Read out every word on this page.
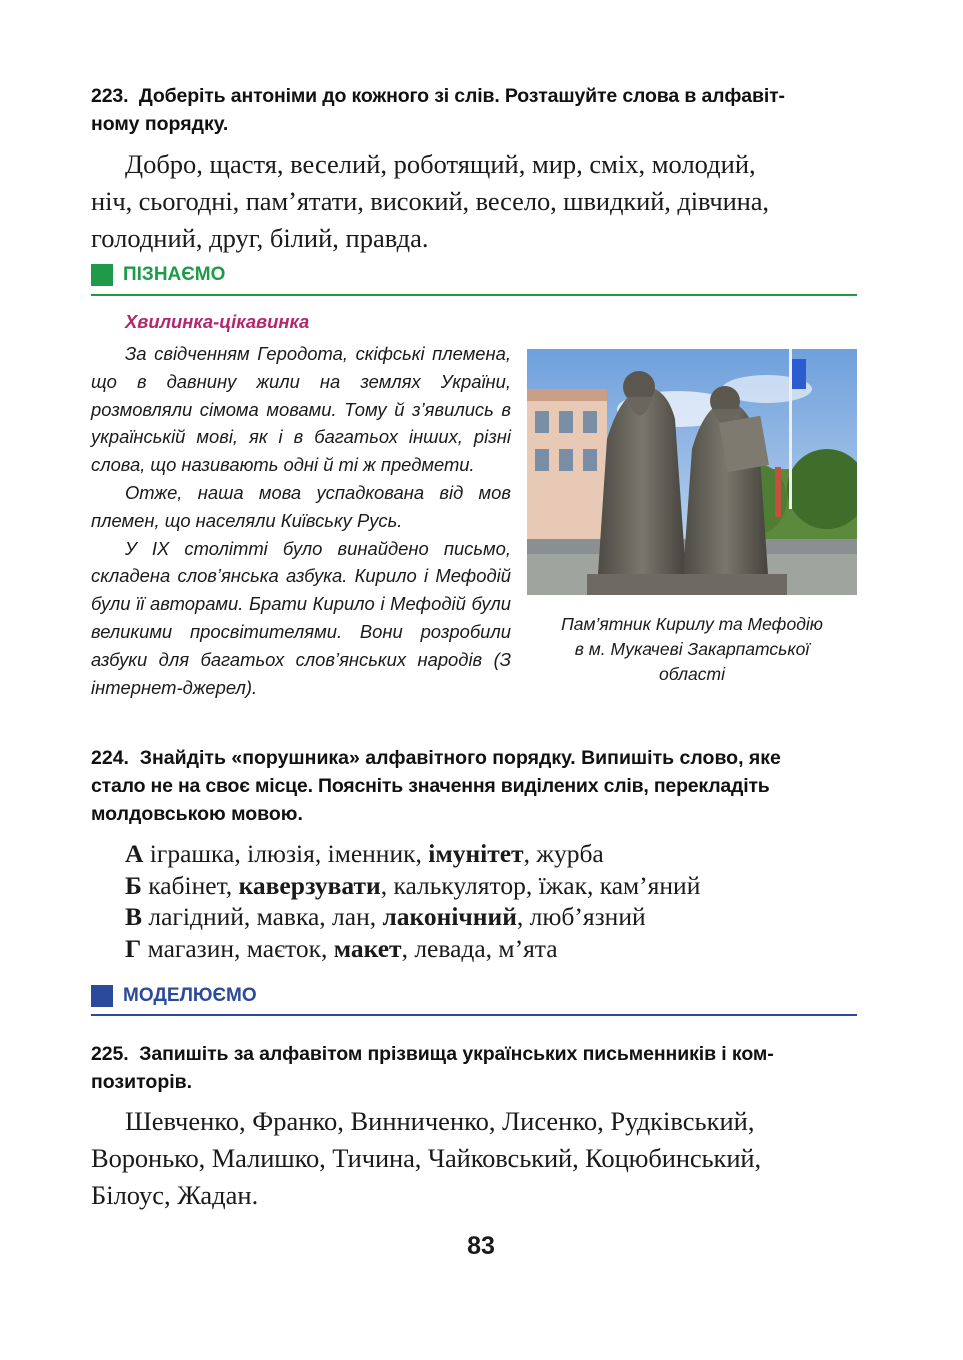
223. Доберіть антоніми до кожного зі слів. Розташуйте слова в алфавіт-
ному порядку.
Добро, щастя, веселий, роботящий, мир, сміх, молодий,
ніч, сьогодні, пам’ятати, високий, весело, швидкий, дівчина,
голодний, друг, білий, правда.
ПІЗНАЄМО
Хвилинка-цікавинка

За свідченням Геродота, скіфські племена, що в давнину жили на землях України, розмовляли сімома мовами. Тому й з’явились в українській мові, як і в багатьох інших, різні слова, що називають одні й ті ж предмети.

Отже, наша мова успадкована від мов племен, що населяли Київську Русь.

У IX столітті було винайдено письмо, складена слов’янська азбука. Кирило і Мефодій були її авторами. Брати Кирило і Мефодій були великими просвітителями. Вони розробили азбуки для багатьох слов’янських народів (З інтернет-джерел).

Пам’ятник Кирилу та Мефодію
в м. Мукачеві Закарпатської
області
224. Знайдіть «порушника» алфавітного порядку. Випишіть слово, яке
стало не на своє місце. Поясніть значення виділених слів, перекладіть
молдовською мовою.
А іграшка, ілюзія, іменник, імунітет, журба
Б кабінет, каверзувати, калькулятор, їжак, кам’яний
В лагідний, мавка, лан, лаконічний, люб’язний
Г магазин, маєток, макет, левада, м’ята
МОДЕЛЮЄМО
225. Запишіть за алфавітом прізвища українських письменників і ком-
позиторів.
Шевченко, Франко, Винниченко, Лисенко, Рудківський,
Воронько, Малишко, Тичина, Чайковський, Коцюбинський,
Білоус, Жадан.
83
